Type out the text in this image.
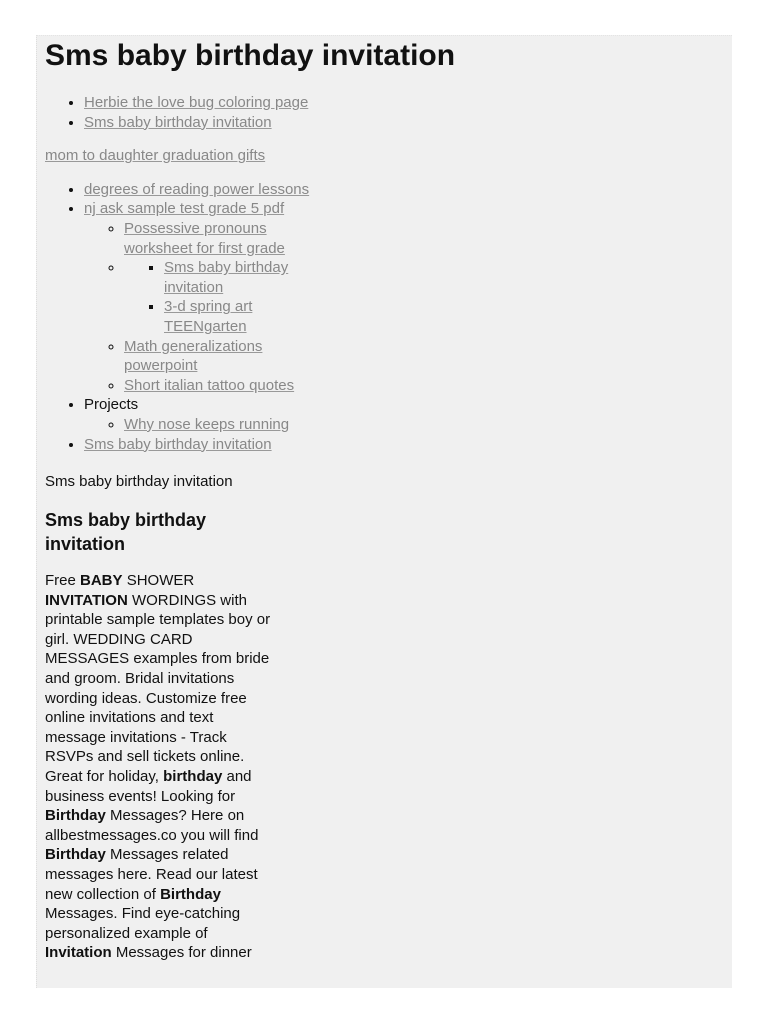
Sms baby birthday invitation
• Herbie the love bug coloring page
• Sms baby birthday invitation

mom to daughter graduation gifts

• degrees of reading power lessons
• nj ask sample test grade 5 pdf
◦ Possessive pronouns worksheet for first grade
▪ ◦ Sms baby birthday invitation
▪ 3-d spring art TEENgarten
◦ Math generalizations powerpoint
◦ Short italian tattoo quotes
• Projects
◦ Why nose keeps running
• Sms baby birthday invitation
Sms baby birthday invitation
Sms baby birthday invitation

Free BABY SHOWER INVITATION WORDINGS with printable sample templates boy or girl. WEDDING CARD MESSAGES examples from bride and groom. Bridal invitations wording ideas. Customize free online invitations and text message invitations - Track RSVPs and sell tickets online. Great for holiday, birthday and business events! Looking for Birthday Messages? Here on allbestmessages.co you will find Birthday Messages related messages here. Read our latest new collection of Birthday Messages. Find eye-catching personalized example of Invitation Messages for dinner
